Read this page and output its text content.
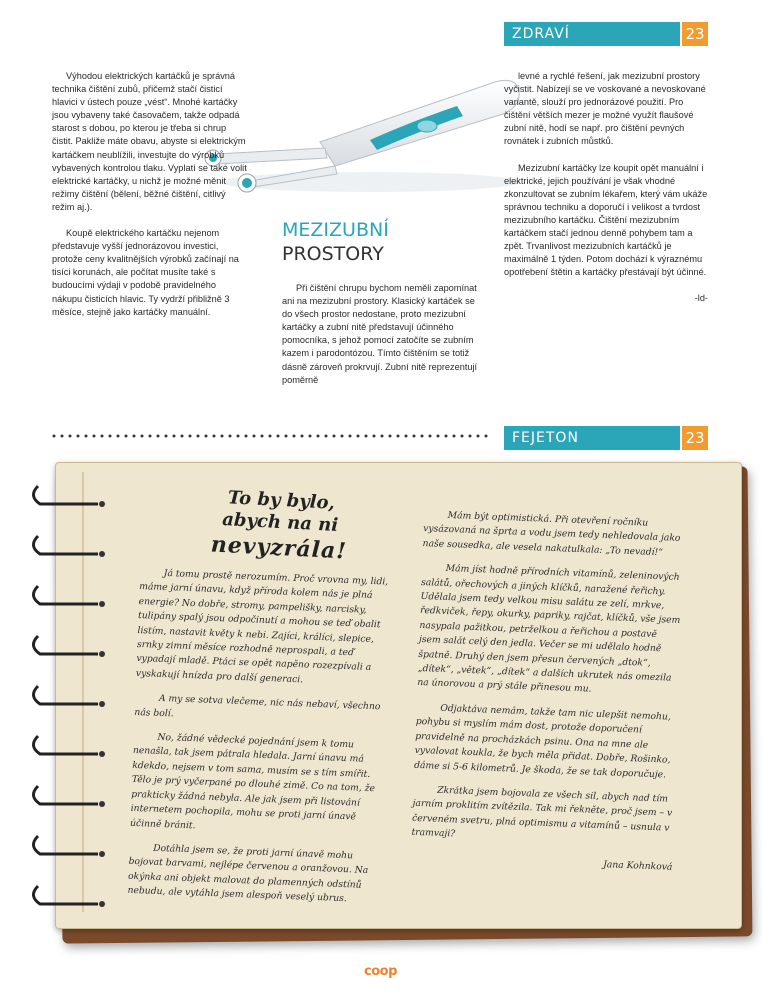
ZDRAVÍ	23

Výhodou elektrických kartáčků je správná technika čištění zubů, přičemž stačí čisticí hlavici v ústech pouze „vést“. Mnohé kartáčky jsou vybaveny také časovačem, takže odpadá starost s dobou, po kterou je třeba si chrup čistit. Pakliže máte obavu, abyste si elektrickým kartáčkem neublížili, investujte do výrobků vybavených kontrolou tlaku. Vyplatí se také volit elektrické kartáčky, u nichž je možné měnit režimy čištění (bělení, běžné čištění, citlivý režim aj.).

Koupě elektrického kartáčku nejenom představuje vyšší jednorázovou investici, protože ceny kvalitnějších výrobků začínají na tisíci korunách, ale počítat musíte také s budoucími výdaji v podobě pravidelného nákupu čisticích hlavic. Ty vydrží přibližně 3 měsíce, stejně jako kartáčky manuální.

MEZIZUBNÍ
PROSTORY

Při čištění chrupu bychom neměli zapomínat ani na mezizubní prostory. Klasický kartáček se do všech prostor nedostane, proto mezizubní kartáčky a zubní nitě představují účinného pomocníka, s jehož pomocí zatočíte se zubním kazem i parodontózou. Tímto čištěním se totiž dásně zároveň prokrvují. Zubní nitě reprezentují poměrně

levné a rychlé řešení, jak mezizubní prostory vyčistit. Nabízejí se ve voskované a nevoskované variantě, slouží pro jednorázové použití. Pro čištění větších mezer je možné využít flaušové zubní nitě, hodí se např. pro čištění pevných rovnátek i zubních můstků.

Mezizubní kartáčky lze koupit opět manuální i elektrické, jejich používání je však vhodné zkonzultovat se zubním lékařem, který vám ukáže správnou techniku a doporučí i velikost a tvrdost mezizubního kartáčku. Čištění mezizubním kartáčkem stačí jednou denně pohybem tam a zpět. Trvanlivost mezizubních kartáčků je maximálně 1 týden. Potom dochází k výraznému opotřebení štětin a kartáčky přestávají být účinné.

-ld-
FEJETON	23
To by bylo,
abych na ni
nevyzrála!

Já tomu prostě nerozumím. Proč vrovna my, lidi, máme jarní únavu, když příroda kolem nás je plná energie? No dobře, stromy, pampelišky, narcisky, tulipány spalý jsou odpočinutí a mohou se teď obalit listím, nastavit květy k nebi. Zajíci, králíci, slepice, srnky zimní měsíce rozhodně neprospali, a teď vypadají mladě. Ptáci se opět napěno rozezpívali a vyskakují hnízda pro další generaci.

A my se sotva vlečeme, nic nás nebaví, všechno nás bolí.

No, žádné vědecké pojednání jsem k tomu nenašla, tak jsem pátrala hledala. Jarní únavu má kdekdo, nejsem v tom sama, musím se s tím smířit. Tělo je prý vyčerpané po dlouhé zimě. Co na tom, že prakticky žádná nebyla. Ale jak jsem při listování internetem pochopila, mohu se proti jarní únavě účinně bránit.

Dotáhla jsem se, že proti jarní únavě mohu bojovat barvami, nejlépe červenou a oranžovou. Na okýnka ani objekt malovat do plamenných odstínů nebudu, ale vytáhla jsem alespoň veselý ubrus.

Mám být optimistická. Při otevření ročníku vysázovaná na šprta a vodu jsem tedy nehledovala jako naše sousedka, ale vesela nakatulkala: „To nevadí!“

Mám jíst hodně přírodních vitamínů, zeleninových salátů, ořechových a jiných klíčků, naražené řeřichy. Udělala jsem tedy velkou misu salátu ze zelí, mrkve, ředkviček, řepy, okurky, papriky, rajčat, klíčků, vše jsem nasypala pažitkou, petrželkou a řeřichou a postavě jsem salát celý den jedla. Večer se mi udělalo hodně špatně. Druhý den jsem přesun červených „dtok“, „dítek“, „větek“, „dítek“ a dalších ukrutek nás omezila na únorovou a prý stále přinesou mu.

Odjaktáva nemám, takže tam nic ulepšit nemohu, pohybu si myslím mám dost, protože doporučení pravidelně na procházkách psinu. Ona na mne ale vyvalovat koukla, že bych měla přidat. Dobře, Rošinko, dáme si 5-6 kilometrů. Je škoda, že se tak doporučuje.

Zkrátka jsem bojovala ze všech sil, abych nad tím jarním proklitím zvítězila. Tak mi řekněte, proč jsem – v červeném svetru, plná optimismu a vitamínů – usnula v tramvaji?

Jana Kohnková
coop
